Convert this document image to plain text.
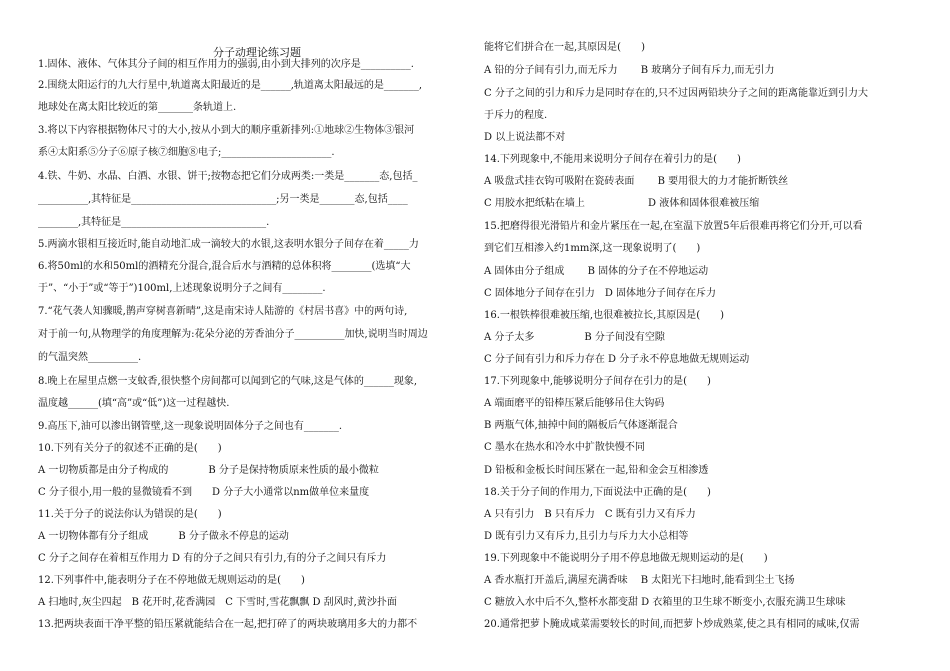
分子动理论练习题
1.固体、液体、气体其分子间的相互作用力的强弱,由小到大排列的次序是__________.
2.围绕太阳运行的九大行星中,轨道离太阳最近的是______,轨道离太阳最远的是_______,
地球处在离太阳比较近的第_______条轨道上.
3.将以下内容根据物体尺寸的大小,按从小到大的顺序重新排列:①地球②生物体③银河
系④太阳系⑤分子⑥原子核⑦细胞⑧电子;______________________.
4.铁、牛奶、水晶、白酒、水银、饼干;按物态把它们分成两类:一类是_______态,包括_
__________,其特征是_____________________________;另一类是_______态,包括____
________,其特征是_____________________________.
5.两滴水银相互接近时,能自动地汇成一滴较大的水银,这表明水银分子间存在着_____力
6.将50ml的水和50ml的酒精充分混合,混合后水与酒精的总体积将________(选填“大
于”、“小于”或“等于”)100ml,上述现象说明分子之间有________.
7.“花气袭人知骤暖,鹊声穿树喜新晴”,这是南宋诗人陆游的《村居书喜》中的两句诗,
对于前一句,从物理学的角度理解为:花朵分泌的芳香油分子__________加快,说明当时周边
的气温突然__________.
8.晚上在屋里点燃一支蚊香,很快整个房间都可以闻到它的气味,这是气体的______现象,
温度越______(填“高”或“低”)这一过程越快.
9.高压下,油可以渗出钢管壁,这一现象说明固体分子之间也有_______.
10.下列有关分子的叙述不正确的是(　　)
A 一切物质都是由分子构成的　　　　B 分子是保持物质原来性质的最小微粒
C 分子很小,用一般的显微镜看不到　　D 分子大小通常以nm做单位来量度
11.关于分子的说法你认为错误的是(　　)
A 一切物体都有分子组成　　　B 分子做永不停息的运动
C 分子之间存在着相互作用力 D 有的分子之间只有引力,有的分子之间只有斥力
12.下列事件中,能表明分子在不停地做无规则运动的是(　　)
A 扫地时,灰尘四起　B 花开时,花香满园　C 下雪时,雪花飘飘 D 刮风时,黄沙扑面
13.把两块表面干净平整的铅压紧就能结合在一起,把打碎了的两块玻璃用多大的力都不
能将它们拼合在一起,其原因是(　　)
A 铅的分子间有引力,而无斥力　　 B 玻璃分子间有斥力,而无引力
C 分子之间的引力和斥力是同时存在的,只不过因两铅块分子之间的距离能靠近到引力大
于斥力的程度.
D 以上说法都不对
14.下列现象中,不能用来说明分子间存在着引力的是(　　)
A 吸盘式挂衣钩可吸附在瓷砖表面　　 B 要用很大的力才能折断铁丝
C 用胶水把纸粘在墙上　　　　　　 D 液体和固体很难被压缩
15.把磨得很光滑铅片和金片紧压在一起,在室温下放置5年后很难再将它们分开,可以看
到它们互相渗入约1mm深,这一现象说明了(　　)
A 固体由分子组成　　 B 固体的分子在不停地运动
C 固体地分子间存在引力　D 固体地分子间存在斥力
16.一根铁棒很难被压缩,也很难被拉长,其原因是(　　)
A 分子太多　　　　　B 分子间没有空隙
C 分子间有引力和斥力存在 D 分子永不停息地做无规则运动
17.下列现象中,能够说明分子间存在引力的是(　　)
A 端面磨平的铅棒压紧后能够吊住大钩码
B 两瓶气体,抽掉中间的隔板后气体逐渐混合
C 墨水在热水和冷水中扩散快慢不同
D 铅板和金板长时间压紧在一起,铅和金会互相渗透
18.关于分子间的作用力,下面说法中正确的是(　　)
A 只有引力　B 只有斥力　C 既有引力又有斥力
D 既有引力又有斥力,且引力与斥力大小总相等
19.下列现象中不能说明分子用不停息地做无规则运动的是(　　)
A 香水瓶打开盖后,满屋充满香味　 B 太阳光下扫地时,能看到尘土飞扬
C 糖放入水中后不久,整杯水都变甜 D 衣箱里的卫生球不断变小,衣服充满卫生球味
20.通常把萝卜腌成咸菜需要较长的时间,而把萝卜炒成熟菜,使之具有相同的咸味,仅需
